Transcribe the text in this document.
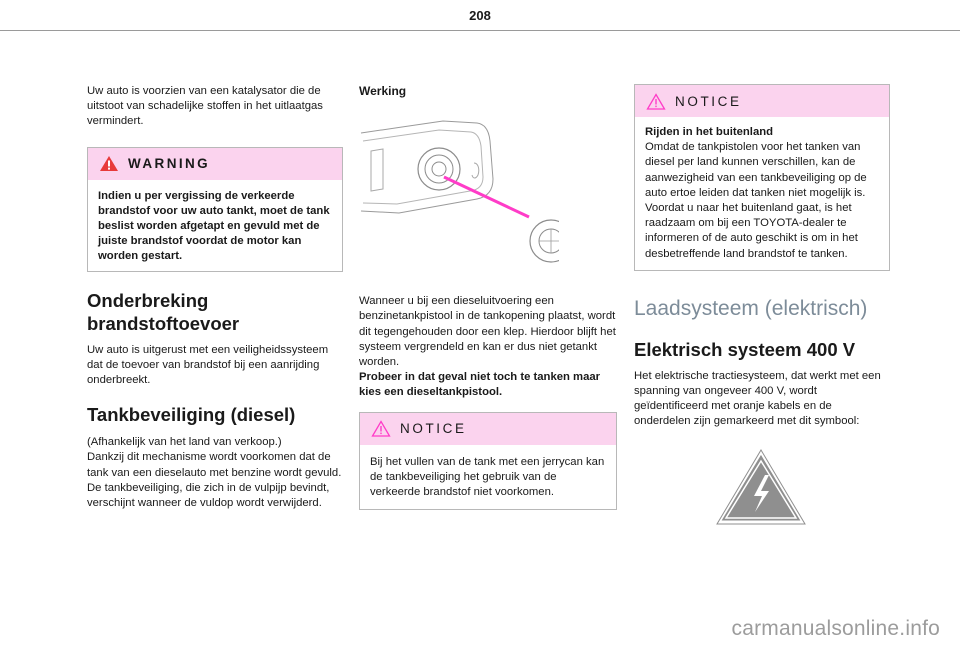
208

Uw auto is voorzien van een katalysator die de uitstoot van schadelijke stoffen in het uitlaatgas vermindert.

WARNING

Indien u per vergissing de verkeerde brandstof voor uw auto tankt, moet de tank beslist worden afgetapt en gevuld met de juiste brandstof voordat de motor kan worden gestart.

Onderbreking
brandstoftoevoer

Uw auto is uitgerust met een veiligheidssysteem dat de toevoer van brandstof bij een aanrijding onderbreekt.

Tankbeveiliging (diesel)

(Afhankelijk van het land van verkoop.)

Dankzij dit mechanisme wordt voorkomen dat de tank van een dieselauto met benzine wordt gevuld.

De tankbeveiliging, die zich in de vulpijp bevindt, verschijnt wanneer de vuldop wordt verwijderd.

Werking

Wanneer u bij een dieseluitvoering een benzinetankpistool in de tankopening plaatst, wordt dit tegengehouden door een klep. Hierdoor blijft het systeem vergrendeld en kan er dus niet getankt worden.

Probeer in dat geval niet toch te tanken maar kies een dieseltankpistool.

NOTICE

Bij het vullen van de tank met een jerrycan kan de tankbeveiliging het gebruik van de verkeerde brandstof niet voorkomen.

NOTICE

Rijden in het buitenland

Omdat de tankpistolen voor het tanken van diesel per land kunnen verschillen, kan de aanwezigheid van een tankbeveiliging op de auto ertoe leiden dat tanken niet mogelijk is. Voordat u naar het buitenland gaat, is het raadzaam om bij een TOYOTA-dealer te informeren of de auto geschikt is om in het desbetreffende land brandstof te tanken.

Laadsysteem (elektrisch)
Elektrisch systeem 400 V

Het elektrische tractiesysteem, dat werkt met een spanning van ongeveer 400 V, wordt geïdentificeerd met oranje kabels en de onderdelen zijn gemarkeerd met dit symbool:

carmanualsonline.info
